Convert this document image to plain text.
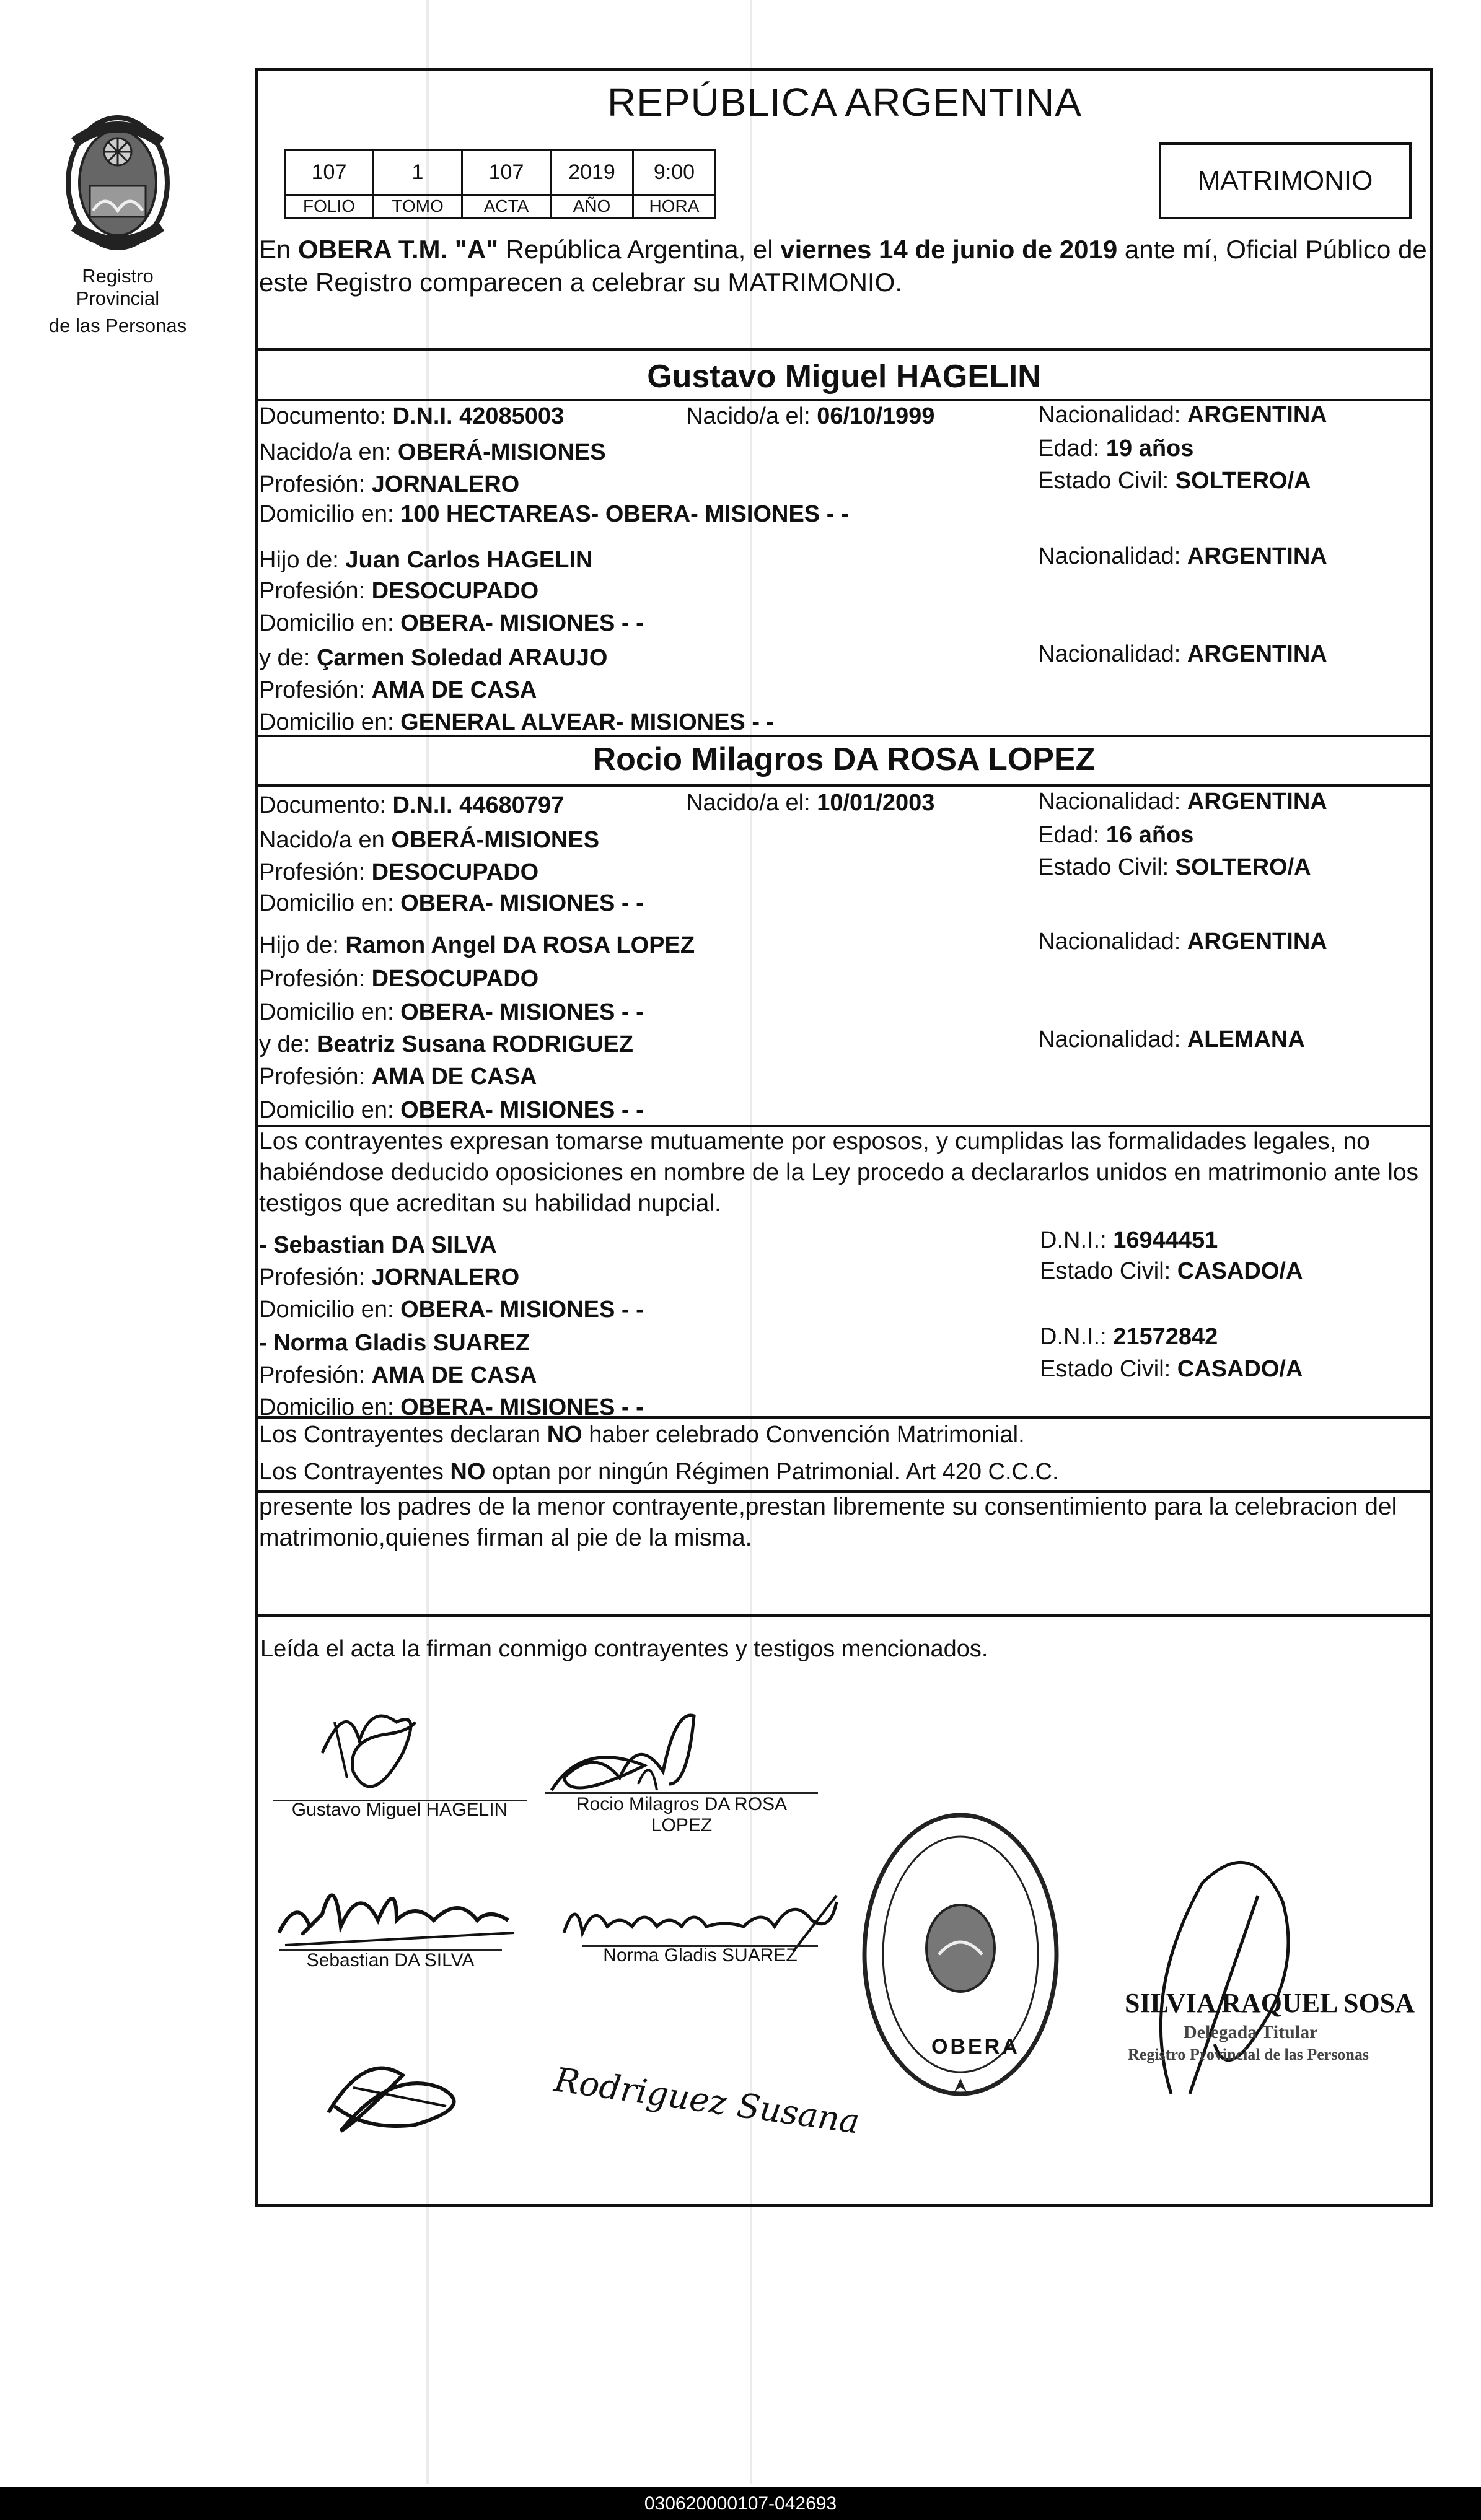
Registro Provincial
de las Personas
REPÚBLICA ARGENTINA
107	1	107	2019	9:00
FOLIO	TOMO	ACTA	AÑO	HORA
MATRIMONIO
En OBERA T.M. "A" República Argentina, el viernes 14 de junio de 2019 ante mí, Oficial Público de este Registro comparecen a celebrar su MATRIMONIO.
Gustavo Miguel HAGELIN
Documento: D.N.I. 42085003	Nacido/a el: 06/10/1999	Nacionalidad: ARGENTINA
Nacido/a en: OBERÁ-MISIONES	Edad: 19 años
Profesión: JORNALERO	Estado Civil: SOLTERO/A
Domicilio en: 100 HECTAREAS- OBERA- MISIONES - -
Hijo de: Juan Carlos HAGELIN	Nacionalidad: ARGENTINA
Profesión: DESOCUPADO
Domicilio en: OBERA- MISIONES - -
y de: Çarmen Soledad ARAUJO	Nacionalidad: ARGENTINA
Profesión: AMA DE CASA
Domicilio en: GENERAL ALVEAR- MISIONES - -
Rocio Milagros DA ROSA LOPEZ
Documento: D.N.I. 44680797	Nacido/a el: 10/01/2003	Nacionalidad: ARGENTINA
Nacido/a en OBERÁ-MISIONES	Edad: 16 años
Profesión: DESOCUPADO	Estado Civil: SOLTERO/A
Domicilio en: OBERA- MISIONES - -
Hijo de: Ramon Angel DA ROSA LOPEZ	Nacionalidad: ARGENTINA
Profesión: DESOCUPADO
Domicilio en: OBERA- MISIONES - -
y de: Beatriz Susana RODRIGUEZ	Nacionalidad: ALEMANA
Profesión: AMA DE CASA
Domicilio en: OBERA- MISIONES - -
Los contrayentes expresan tomarse mutuamente por esposos, y cumplidas las formalidades legales, no habiéndose deducido oposiciones en nombre de la Ley procedo a declararlos unidos en matrimonio ante los testigos que acreditan su habilidad nupcial.
- Sebastian DA SILVA	D.N.I.: 16944451
Profesión: JORNALERO	Estado Civil: CASADO/A
Domicilio en: OBERA- MISIONES - -
- Norma Gladis SUAREZ	D.N.I.: 21572842
Profesión: AMA DE CASA	Estado Civil: CASADO/A
Domicilio en: OBERA- MISIONES - -
Los Contrayentes declaran NO haber celebrado Convención Matrimonial.
Los Contrayentes NO optan por ningún Régimen Patrimonial. Art 420 C.C.C.
presente los padres de la menor contrayente,prestan libremente su consentimiento para la celebracion del matrimonio,quienes firman al pie de la misma.
Leída el acta la firman conmigo contrayentes y testigos mencionados.
Gustavo Miguel HAGELIN	Rocio Milagros DA ROSA
LOPEZ
Sebastian DA SILVA	Norma Gladis SUAREZ
Rodriguez Susana
OBERA
SILVIA RAQUEL SOSA
Delegada Titular
Registro Provincial de las Personas
030620000107-042693
